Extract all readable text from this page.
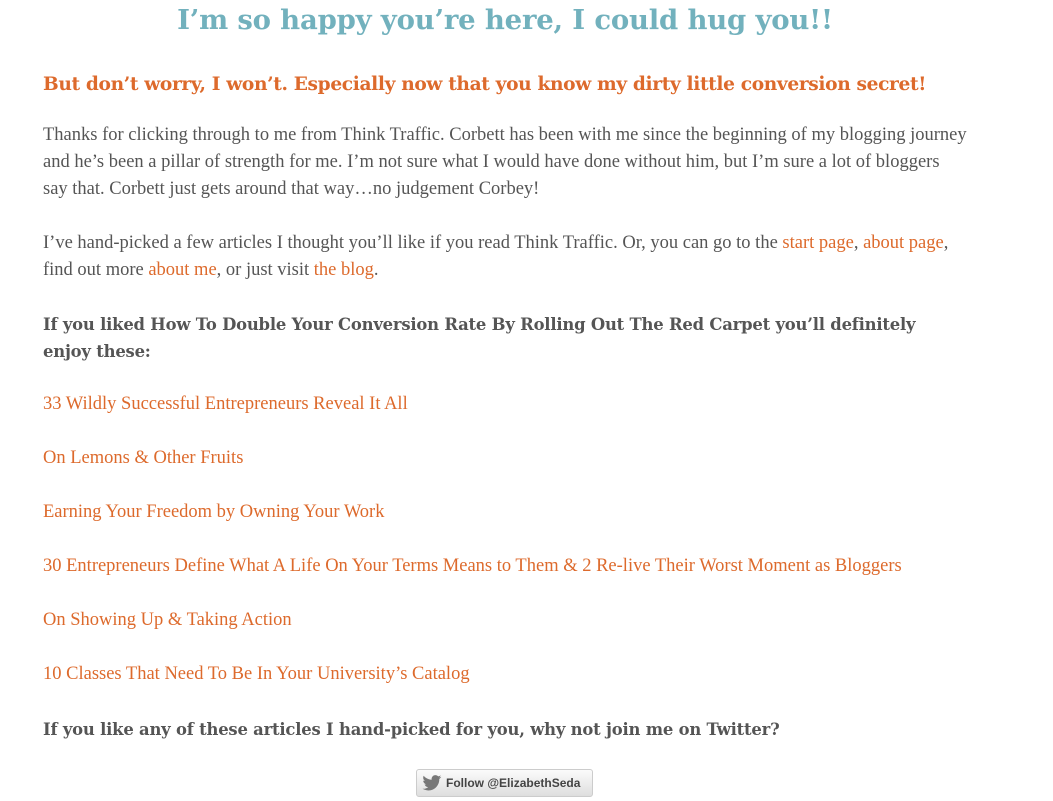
I’m so happy you’re here, I could hug you!!
But don’t worry, I won’t. Especially now that you know my dirty little conversion secret!

Thanks for clicking through to me from Think Traffic. Corbett has been with me since the beginning of my blogging journey and he’s been a pillar of strength for me. I’m not sure what I would have done without him, but I’m sure a lot of bloggers say that. Corbett just gets around that way…no judgement Corbey!

I’ve hand-picked a few articles I thought you’ll like if you read Think Traffic. Or, you can go to the start page, about page, find out more about me, or just visit the blog.

If you liked How To Double Your Conversion Rate By Rolling Out The Red Carpet you’ll definitely enjoy these:

33 Wildly Successful Entrepreneurs Reveal It All
On Lemons & Other Fruits
Earning Your Freedom by Owning Your Work
30 Entrepreneurs Define What A Life On Your Terms Means to Them & 2 Re-live Their Worst Moment as Bloggers
On Showing Up & Taking Action
10 Classes That Need To Be In Your University’s Catalog

If you like any of these articles I hand-picked for you, why not join me on Twitter?

Follow @ElizabethSeda
